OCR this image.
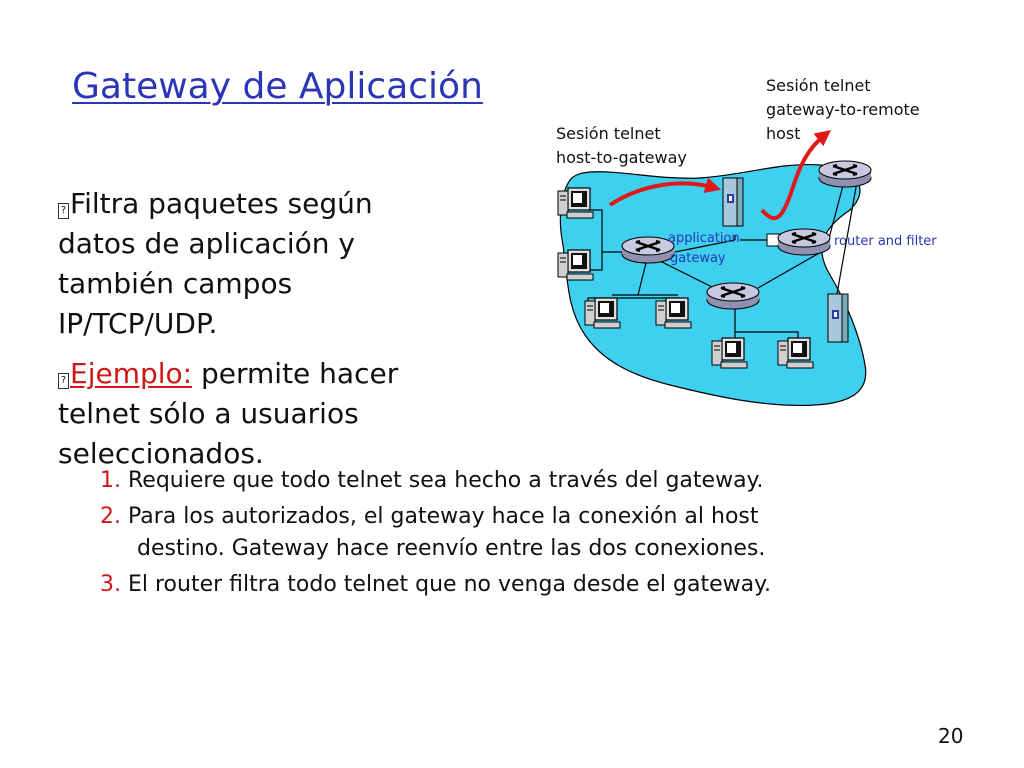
Gateway de Aplicación

? Filtra paquetes según datos de aplicación y también campos IP/TCP/UDP.

? Ejemplo: permite hacer telnet sólo a usuarios seleccionados.

1. Requiere que todo telnet sea hecho a través del gateway.

2. Para los autorizados, el gateway hace la conexión al host
destino. Gateway hace reenvío entre las dos conexiones.

3. El router filtra todo telnet que no venga desde el gateway.

20
Sesión telnet
host-to-gateway
Sesión telnet
gateway-to-remote
host
application
gateway
router and filter
